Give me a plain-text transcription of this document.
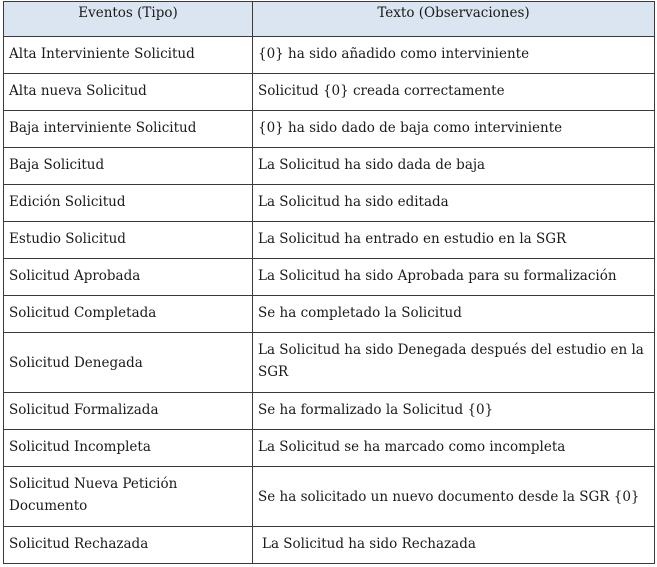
Eventos (Tipo)	Texto (Observaciones)
Alta Interviniente Solicitud	{0} ha sido añadido como interviniente
Alta nueva Solicitud	Solicitud {0} creada correctamente
Baja interviniente Solicitud	{0} ha sido dado de baja como interviniente
Baja Solicitud	La Solicitud ha sido dada de baja
Edición Solicitud	La Solicitud ha sido editada
Estudio Solicitud	La Solicitud ha entrado en estudio en la SGR
Solicitud Aprobada	La Solicitud ha sido Aprobada para su formalización
Solicitud Completada	Se ha completado la Solicitud
Solicitud Denegada	La Solicitud ha sido Denegada después del estudio en la SGR
Solicitud Formalizada	Se ha formalizado la Solicitud {0}
Solicitud Incompleta	La Solicitud se ha marcado como incompleta
Solicitud Nueva Petición Documento	Se ha solicitado un nuevo documento desde la SGR {0}
Solicitud Rechazada	La Solicitud ha sido Rechazada
